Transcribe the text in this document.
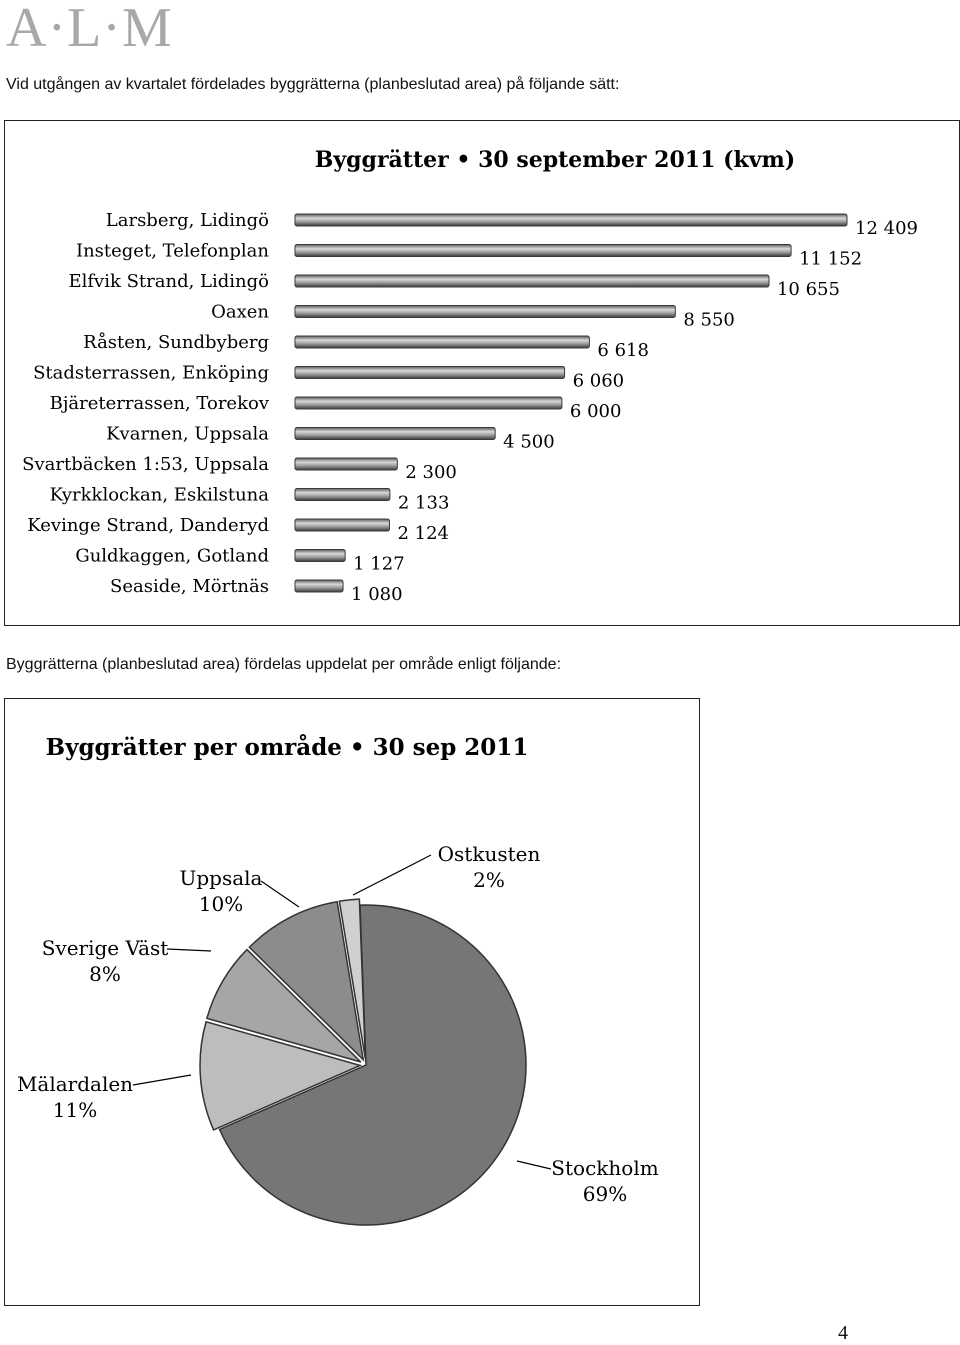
A·L·M
Vid utgången av kvartalet fördelades byggrätterna (planbeslutad area) på följande sätt:
Byggrätter • 30 september 2011 (kvm)
Larsberg, Lidingö
Insteget, Telefonplan
Elfvik Strand, Lidingö
Oaxen
Råsten, Sundbyberg
Stadsterrassen, Enköping
Bjäreterrassen, Torekov
Kvarnen, Uppsala
Svartbäcken 1:53, Uppsala
Kyrkklockan, Eskilstuna
Kevinge Strand, Danderyd
Guldkaggen, Gotland
Seaside, Mörtnäs
12 409
11 152
10 655
8 550
6 618
6 060
6 000
4 500
2 300
2 133
2 124
1 127
1 080
Byggrätterna (planbeslutad area) fördelas uppdelat per område enligt följande:
Byggrätter per område • 30 sep 2011
Stockholm
69%
Mälardalen
11%
Sverige Väst
8%
Uppsala
10%
Ostkusten
2%
4
